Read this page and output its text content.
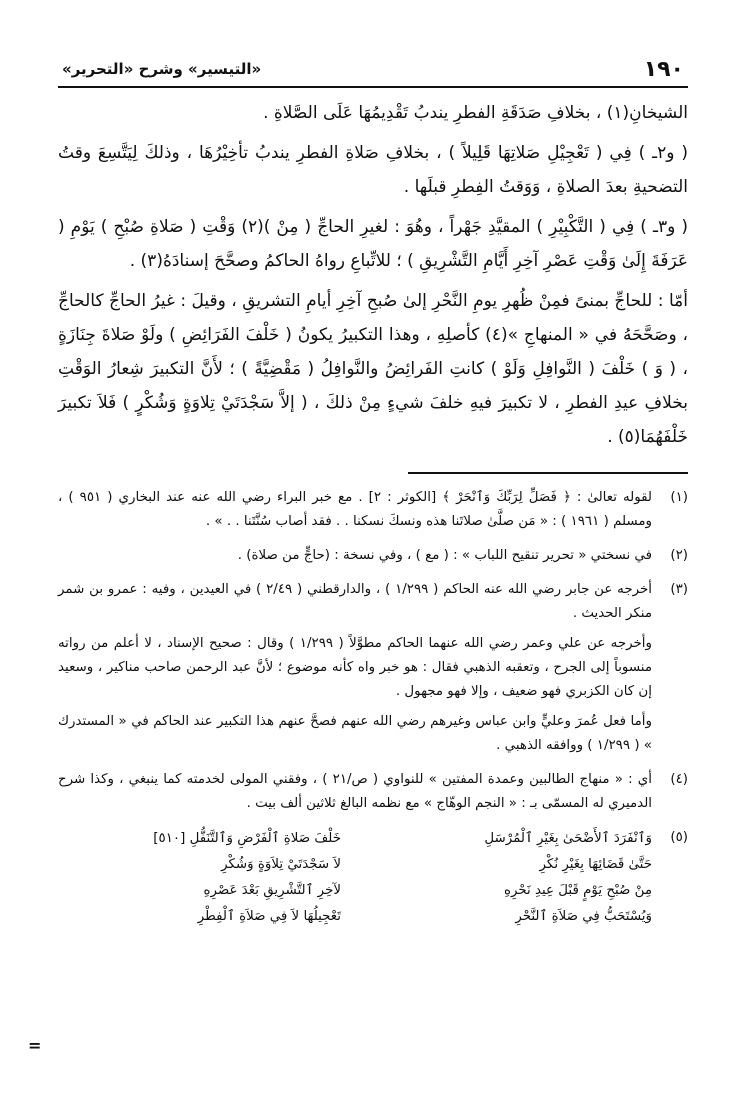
١٩٠
«التيسير» وشرح «التحرير»

الشيخانِ(١) ، بخلافِ صَدَقَةِ الفطرِ يندبُ تَقْدِيمُهَا عَلَى الصَّلاةِ .

( و٢ـ ) فِي ( تَعْجِيْلِ صَلاتِهَا قَلِيلاً ) ، بخلافِ صَلاةِ الفطرِ يندبُ تأخِيْرُهَا ، وذلكَ لِيَتَّسِعَ وقتُ التضحيةِ بعدَ الصلاةِ ، وَوَقتُ الفِطرِ قبلَها .

( و٣ـ ) فِي ( التَّكْبِيْرِ ) المقيَّدِ جَهْراً ، وهُوَ : لغيرِ الحاجِّ ( مِنْ )(٢) وَقْتِ ( صَلاةِ صُبْحِ ) يَوْمِ ( عَرَفَةَ إِلَىٰ وَقْتِ عَصْرِ آخِرِ أَيَّامِ التَّشْرِيقِ ) ؛ للاتِّباعِ رواهُ الحاكمُ وصحَّحَ إسنادَهُ(٣) .

أمّا : للحاجِّ بمنىً فمِنْ ظُهرِ يومِ النَّحْرِ إلىٰ صُبحِ آخِرِ أيامِ التشريقِ ، وقيلَ : غيرُ الحاجِّ كالحاجِّ ، وصَحَّحَهُ في « المنهاجِ »(٤) كأصلِهِ ، وهذا التكبيرُ يكونُ ( خَلْفَ الفَرَائِضِ ) ولَوْ صَلاةَ جِنَازَةٍ ، ( وَ ) خَلْفَ ( النَّوافِلِ وَلَوْ ) كانتِ الفَرائِضُ والنَّوافِلُ ( مَقْضِيَّةً ) ؛ لأَنَّ التكبيرَ شِعارُ الوَقْتِ بخلافِ عيدِ الفطرِ ، لا تكبيرَ فيهِ خلفَ شيءٍ مِنْ ذلكَ ، ( إلاَّ سَجْدَتَيْ تِلاوَةٍ وَشُكْرٍ ) فَلاَ تكبيرَ خَلْفَهُمَا(٥) .

(١)

لقوله تعالىٰ : ﴿ فَصَلِّ لِرَبِّكَ وَٱنْحَرْ ﴾ [الكوثر : ٢] . مع خبر البراء رضي الله عنه عند البخاري ( ٩٥١ ) ، ومسلم ( ١٩٦١ ) : « مَن صلَّىٰ صلاتَنا هذه ونسكَ نسكنا . . فقد أصاب سُنَّتَنا . . » .

(٢)

في نسختي « تحرير تنقيح اللباب » : ( مع ) ، وفي نسخة : (حاجٍّ من صلاة) .

(٣)

أخرجه عن جابر رضي الله عنه الحاكم ( ١/٢٩٩ ) ، والدارقطني ( ٢/٤٩ ) في العيدين ، وفيه : عمرو بن شمر منكر الحديث .

وأخرجه عن علي وعمر رضي الله عنهما الحاكم مطوَّلاً ( ١/٢٩٩ ) وقال : صحيح الإسناد ، لا أعلم من رواته منسوباً إلى الجرح ، وتعقبه الذهبي فقال : هو خبر واه كأنه موضوع ؛ لأنَّ عبد الرحمن صاحب مناكير ، وسعيد إن كان الكزبري فهو ضعيف ، وإلا فهو مجهول .

وأما فعل عُمرَ وعليٍّ وابن عباس وغيرهم رضي الله عنهم فصحَّ عنهم هذا التكبير عند الحاكم في « المستدرك » ( ١/٢٩٩ ) ووافقه الذهبي .

(٤)

أي : « منهاج الطالبين وعمدة المفتين » للنواوي ( ص/٢١ ) ، وفقني المولى لخدمته كما ينبغي ، وكذا شرح الدميري له المسمّى بـ : « النجم الوهّاج » مع نظمه البالغ ثلاثين ألف بيت .

(٥)
وَٱنْفَرَدَ ٱلأَضْحَىٰ بِغَيْرِ ٱلْمُرْسَلِ
خَلْفَ صَلاةِ ٱلْفَرْضِ وَٱلتَّنَفُّلِ [٥١٠]
حَتَّىٰ قَضَائِهَا بِغَيْرِ نُكْرِ
لاَ سَجْدَتَيْ تِلاَوَةٍ وَشُكْرِ
مِنْ صُبْحِ يَوْمٍ قَبْلَ عِيدِ نَحْرِهِ
لآخِرِ ٱلتَّشْرِيقِ بَعْدَ عَصْرِهِ
وَيُسْتَحَبُّ فِي صَلاَةِ ٱلنَّحْرِ
تَعْجِيلُهَا لاَ فِي صَلاَةِ ٱلْفِطْرِ
=
